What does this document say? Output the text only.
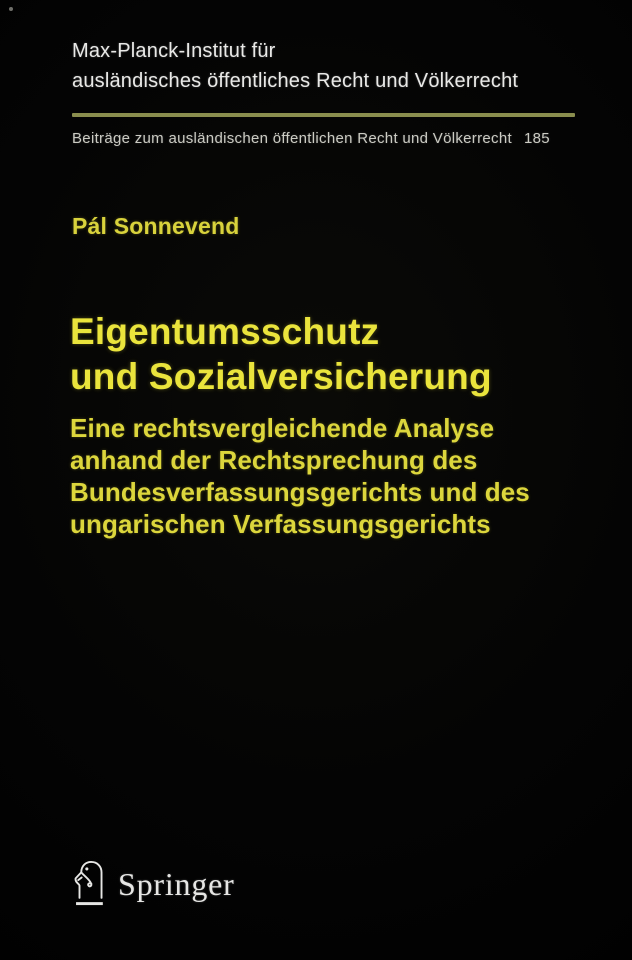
Max-Planck-Institut für
ausländisches öffentliches Recht und Völkerrecht
Beiträge zum ausländischen öffentlichen Recht und Völkerrecht 185
Pál Sonnevend
Eigentumsschutz
und Sozialversicherung
Eine rechtsvergleichende Analyse
anhand der Rechtsprechung des
Bundesverfassungsgerichts und des
ungarischen Verfassungsgerichts
Springer
